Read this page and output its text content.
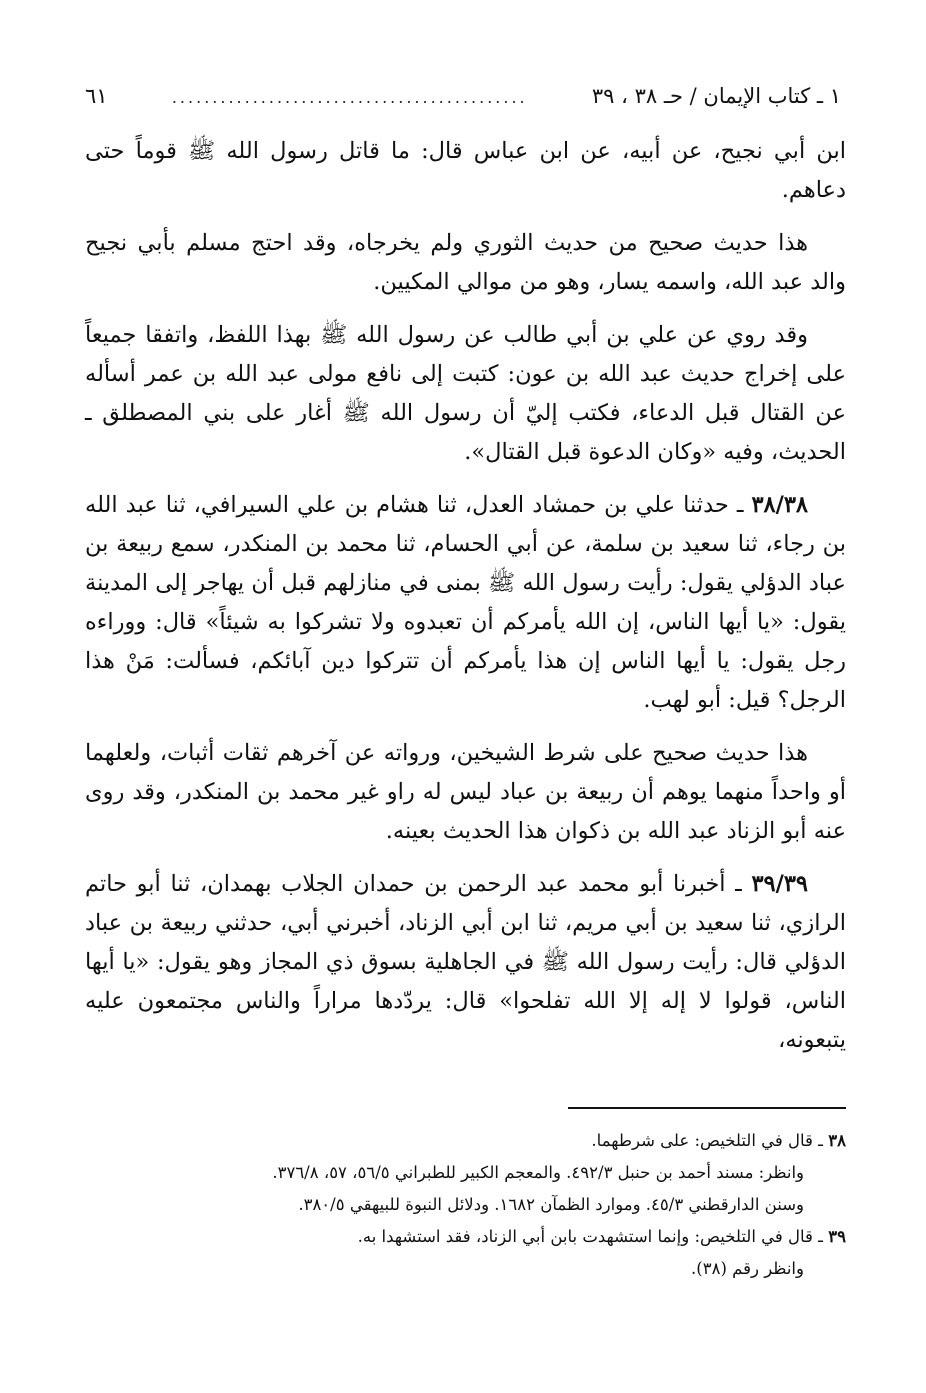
١ ـ كتاب الإيمان / حـ ٣٨ ، ٣٩
............................................
٦١

ابن أبي نجيح، عن أبيه، عن ابن عباس قال: ما قاتل رسول الله ﷺ قوماً حتى دعاهم.

هذا حديث صحيح من حديث الثوري ولم يخرجاه، وقد احتج مسلم بأبي نجيح والد عبد الله، واسمه يسار، وهو من موالي المكيين.

وقد روي عن علي بن أبي طالب عن رسول الله ﷺ بهذا اللفظ، واتفقا جميعاً على إخراج حديث عبد الله بن عون: كتبت إلى نافع مولى عبد الله بن عمر أسأله عن القتال قبل الدعاء، فكتب إليّ أن رسول الله ﷺ أغار على بني المصطلق ـ الحديث، وفيه «وكان الدعوة قبل القتال».

٣٨/٣٨ ـ حدثنا علي بن حمشاد العدل، ثنا هشام بن علي السيرافي، ثنا عبد الله بن رجاء، ثنا سعيد بن سلمة، عن أبي الحسام، ثنا محمد بن المنكدر، سمع ربيعة بن عباد الدؤلي يقول: رأيت رسول الله ﷺ بمنى في منازلهم قبل أن يهاجر إلى المدينة يقول: «يا أيها الناس، إن الله يأمركم أن تعبدوه ولا تشركوا به شيئاً» قال: ووراءه رجل يقول: يا أيها الناس إن هذا يأمركم أن تتركوا دين آبائكم، فسألت: مَنْ هذا الرجل؟ قيل: أبو لهب.

هذا حديث صحيح على شرط الشيخين، ورواته عن آخرهم ثقات أثبات، ولعلهما أو واحداً منهما يوهم أن ربيعة بن عباد ليس له راو غير محمد بن المنكدر، وقد روى عنه أبو الزناد عبد الله بن ذكوان هذا الحديث بعينه.

٣٩/٣٩ ـ أخبرنا أبو محمد عبد الرحمن بن حمدان الجلاب بهمدان، ثنا أبو حاتم الرازي، ثنا سعيد بن أبي مريم، ثنا ابن أبي الزناد، أخبرني أبي، حدثني ربيعة بن عباد الدؤلي قال: رأيت رسول الله ﷺ في الجاهلية بسوق ذي المجاز وهو يقول: «يا أيها الناس، قولوا لا إله إلا الله تفلحوا» قال: يردّدها مراراً والناس مجتمعون عليه يتبعونه،

٣٨ ـ قال في التلخيص: على شرطهما.

وانظر: مسند أحمد بن حنبل ٤٩٢/٣. والمعجم الكبير للطبراني ٥٦/٥، ٥٧، ٣٧٦/٨.

وسنن الدارقطني ٤٥/٣. وموارد الظمآن ١٦٨٢. ودلائل النبوة للبيهقي ٣٨٠/٥.

٣٩ ـ قال في التلخيص: وإنما استشهدت بابن أبي الزناد، فقد استشهدا به.

وانظر رقم (٣٨).
